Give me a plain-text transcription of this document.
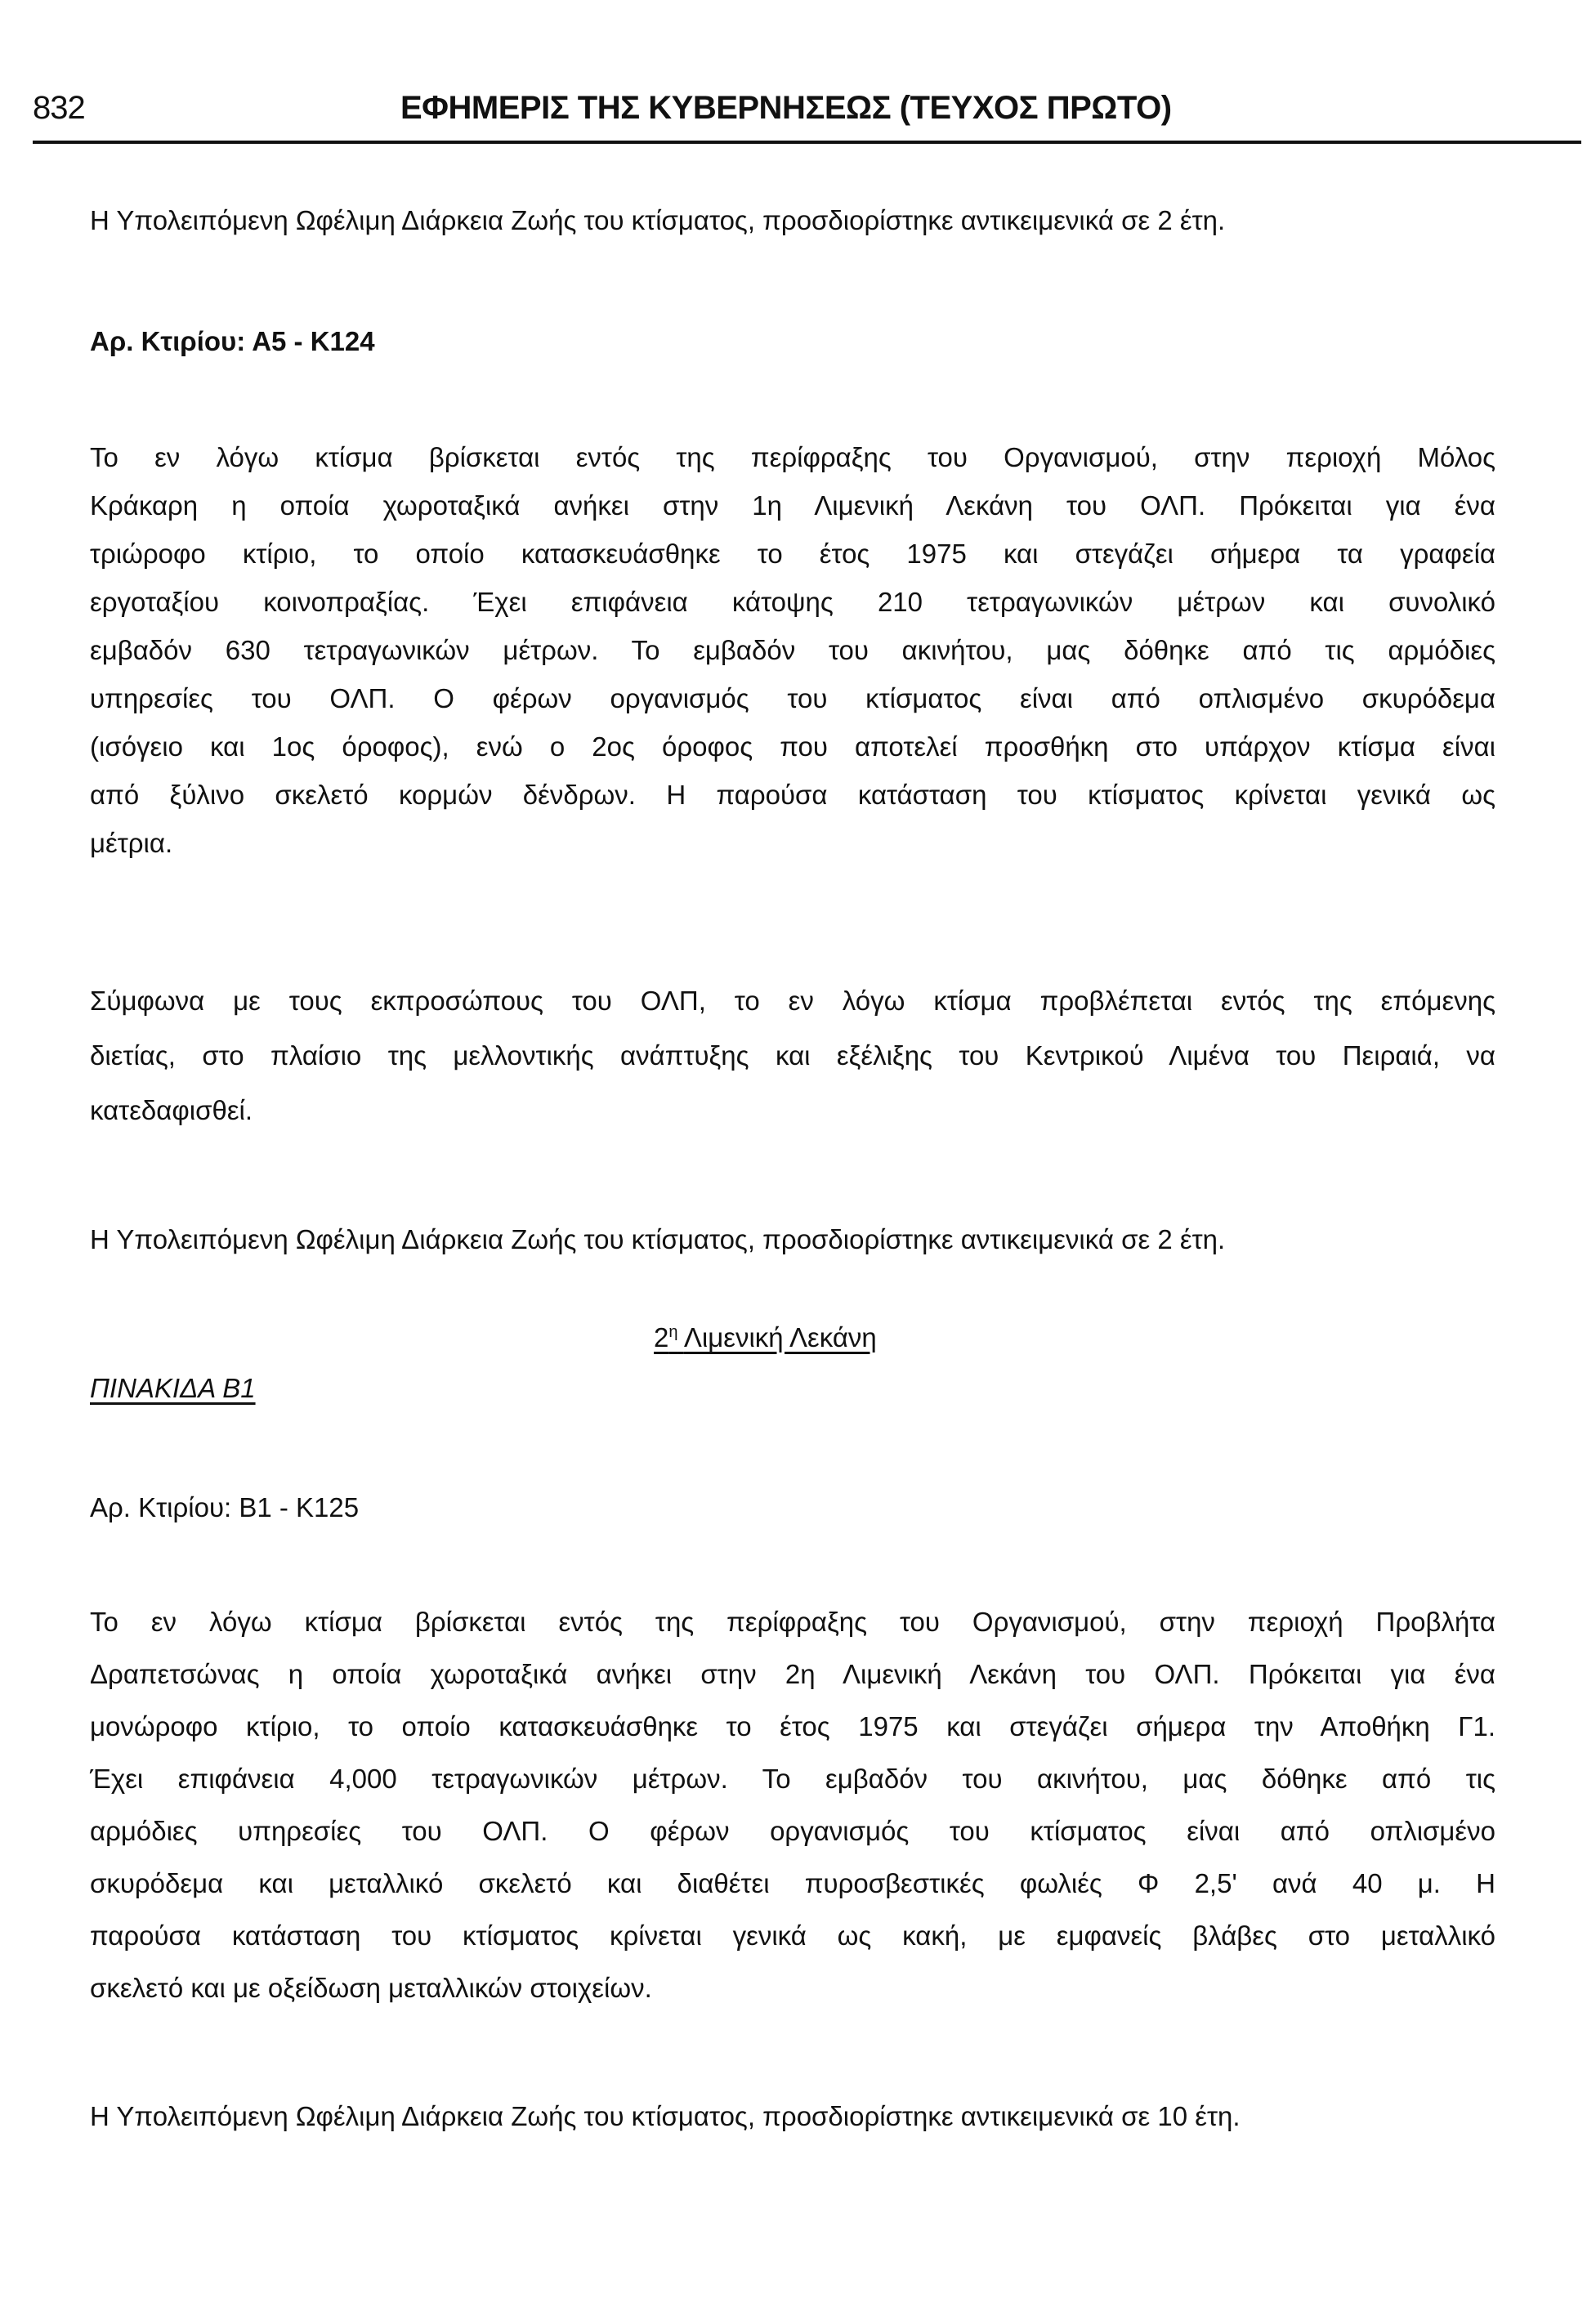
832	ΕΦΗΜΕΡΙΣ ΤΗΣ ΚΥΒΕΡΝΗΣΕΩΣ (ΤΕΥΧΟΣ ΠΡΩΤΟ)
Η Υπολειπόμενη Ωφέλιμη Διάρκεια Ζωής του κτίσματος, προσδιορίστηκε αντικειμενικά σε 2 έτη.
Αρ. Κτιρίου: Α5 - Κ124
Το εν λόγω κτίσμα βρίσκεται εντός της περίφραξης του Οργανισμού, στην περιοχή Μόλος
Κράκαρη η οποία χωροταξικά ανήκει στην 1η Λιμενική Λεκάνη του ΟΛΠ. Πρόκειται για ένα
τριώροφο κτίριο, το οποίο κατασκευάσθηκε το έτος 1975 και στεγάζει σήμερα τα γραφεία
εργοταξίου κοινοπραξίας. Έχει επιφάνεια κάτοψης 210 τετραγωνικών μέτρων και συνολικό
εμβαδόν 630 τετραγωνικών μέτρων. Το εμβαδόν του ακινήτου, μας δόθηκε από τις αρμόδιες
υπηρεσίες του ΟΛΠ. Ο φέρων οργανισμός του κτίσματος είναι από οπλισμένο σκυρόδεμα
(ισόγειο και 1ος όροφος), ενώ ο 2ος όροφος που αποτελεί προσθήκη στο υπάρχον κτίσμα είναι
από ξύλινο σκελετό κορμών δένδρων. Η παρούσα κατάσταση του κτίσματος κρίνεται γενικά ως
μέτρια.
Σύμφωνα με τους εκπροσώπους του ΟΛΠ, το εν λόγω κτίσμα προβλέπεται εντός της επόμενης
διετίας, στο πλαίσιο της μελλοντικής ανάπτυξης και εξέλιξης του Κεντρικού Λιμένα του Πειραιά, να
κατεδαφισθεί.
Η Υπολειπόμενη Ωφέλιμη Διάρκεια Ζωής του κτίσματος, προσδιορίστηκε αντικειμενικά σε 2 έτη.
$2^\eta$ Λιμενική Λεκάνη
ΠΙΝΑΚΙΔΑ Β1
Αρ. Κτιρίου: Β1 - Κ125
Το εν λόγω κτίσμα βρίσκεται εντός της περίφραξης του Οργανισμού, στην περιοχή Προβλήτα
Δραπετσώνας η οποία χωροταξικά ανήκει στην 2η Λιμενική Λεκάνη του ΟΛΠ. Πρόκειται για ένα
μονώροφο κτίριο, το οποίο κατασκευάσθηκε το έτος 1975 και στεγάζει σήμερα την Αποθήκη Γ1.
Έχει επιφάνεια 4,000 τετραγωνικών μέτρων. Το εμβαδόν του ακινήτου, μας δόθηκε από τις
αρμόδιες υπηρεσίες του ΟΛΠ. Ο φέρων οργανισμός του κτίσματος είναι από οπλισμένο
σκυρόδεμα και μεταλλικό σκελετό και διαθέτει πυροσβεστικές φωλιές Φ 2,5' ανά 40 μ. Η
παρούσα κατάσταση του κτίσματος κρίνεται γενικά ως κακή, με εμφανείς βλάβες στο μεταλλικό
σκελετό και με οξείδωση μεταλλικών στοιχείων.
Η Υπολειπόμενη Ωφέλιμη Διάρκεια Ζωής του κτίσματος, προσδιορίστηκε αντικειμενικά σε 10 έτη.
